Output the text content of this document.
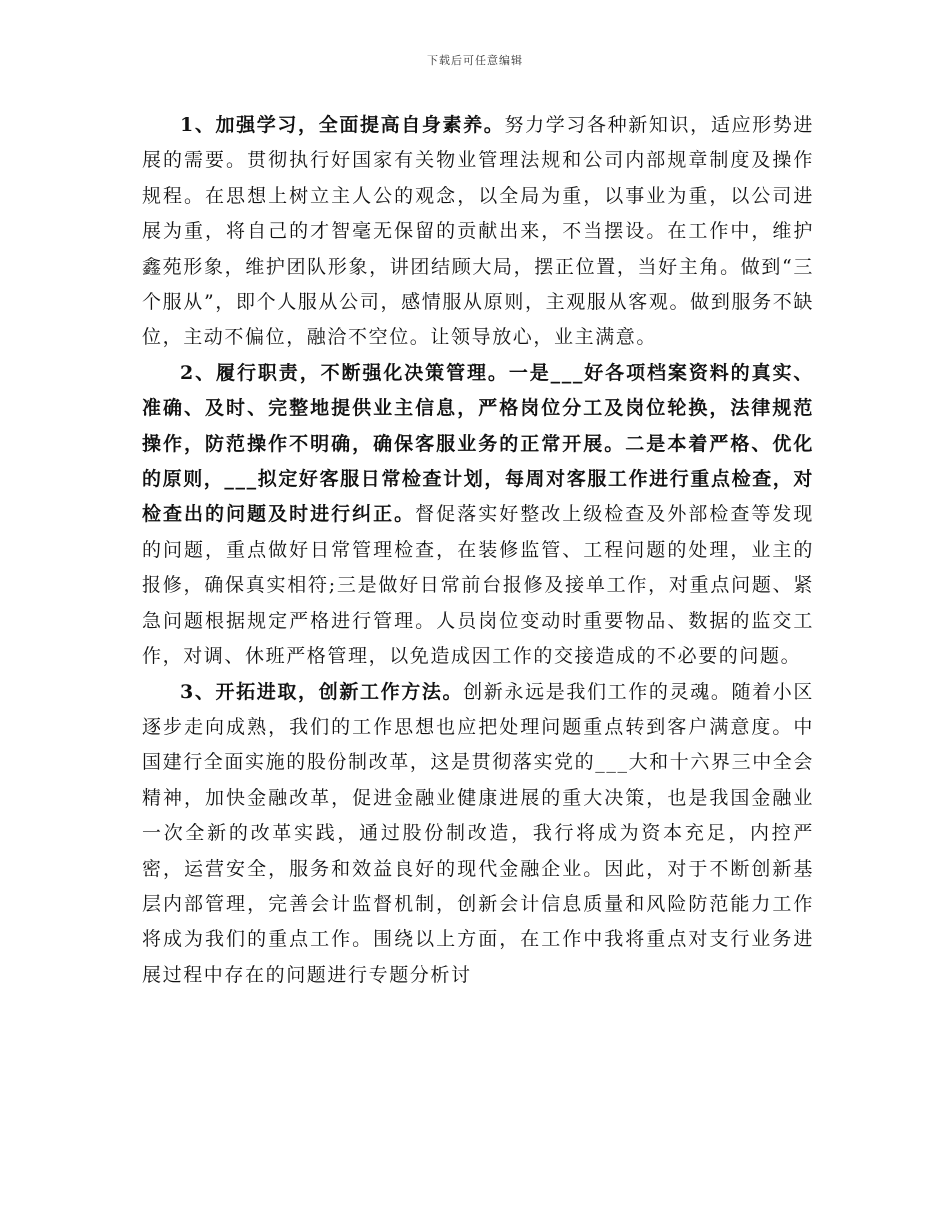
下载后可任意编辑

1、加强学习，全面提高自身素养。努力学习各种新知识，适应形势进展的需要。贯彻执行好国家有关物业管理法规和公司内部规章制度及操作规程。在思想上树立主人公的观念，以全局为重，以事业为重，以公司进展为重，将自己的才智毫无保留的贡献出来，不当摆设。在工作中，维护鑫苑形象，维护团队形象，讲团结顾大局，摆正位置，当好主角。做到“三个服从”，即个人服从公司，感情服从原则，主观服从客观。做到服务不缺位，主动不偏位，融洽不空位。让领导放心，业主满意。

2、履行职责，不断强化决策管理。一是___好各项档案资料的真实、准确、及时、完整地提供业主信息，严格岗位分工及岗位轮换，法律规范操作，防范操作不明确，确保客服业务的正常开展。二是本着严格、优化的原则，___拟定好客服日常检查计划，每周对客服工作进行重点检查，对检查出的问题及时进行纠正。督促落实好整改上级检查及外部检查等发现的问题，重点做好日常管理检查，在装修监管、工程问题的处理，业主的报修，确保真实相符;三是做好日常前台报修及接单工作，对重点问题、紧急问题根据规定严格进行管理。人员岗位变动时重要物品、数据的监交工作，对调、休班严格管理，以免造成因工作的交接造成的不必要的问题。

3、开拓进取，创新工作方法。创新永远是我们工作的灵魂。随着小区逐步走向成熟，我们的工作思想也应把处理问题重点转到客户满意度。中国建行全面实施的股份制改革，这是贯彻落实党的___大和十六界三中全会精神，加快金融改革，促进金融业健康进展的重大决策，也是我国金融业一次全新的改革实践，通过股份制改造，我行将成为资本充足，内控严密，运营安全，服务和效益良好的现代金融企业。因此，对于不断创新基层内部管理，完善会计监督机制，创新会计信息质量和风险防范能力工作将成为我们的重点工作。围绕以上方面，在工作中我将重点对支行业务进展过程中存在的问题进行专题分析讨
